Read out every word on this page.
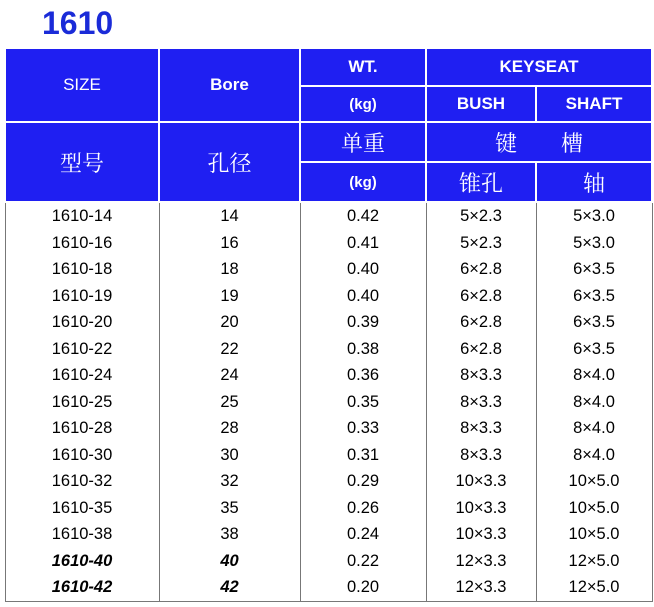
1610
SIZE	Bore	WT.	KEYSEAT	
		(kg)	BUSH	SHAFT
型号	孔径	单重	键　　槽	
		(kg)	锥孔	轴
1610-14	14	0.42	5×2.3	5×3.0
1610-16	16	0.41	5×2.3	5×3.0
1610-18	18	0.40	6×2.8	6×3.5
1610-19	19	0.40	6×2.8	6×3.5
1610-20	20	0.39	6×2.8	6×3.5
1610-22	22	0.38	6×2.8	6×3.5
1610-24	24	0.36	8×3.3	8×4.0
1610-25	25	0.35	8×3.3	8×4.0
1610-28	28	0.33	8×3.3	8×4.0
1610-30	30	0.31	8×3.3	8×4.0
1610-32	32	0.29	10×3.3	10×5.0
1610-35	35	0.26	10×3.3	10×5.0
1610-38	38	0.24	10×3.3	10×5.0
1610-40	40	0.22	12×3.3	12×5.0
1610-42	42	0.20	12×3.3	12×5.0
